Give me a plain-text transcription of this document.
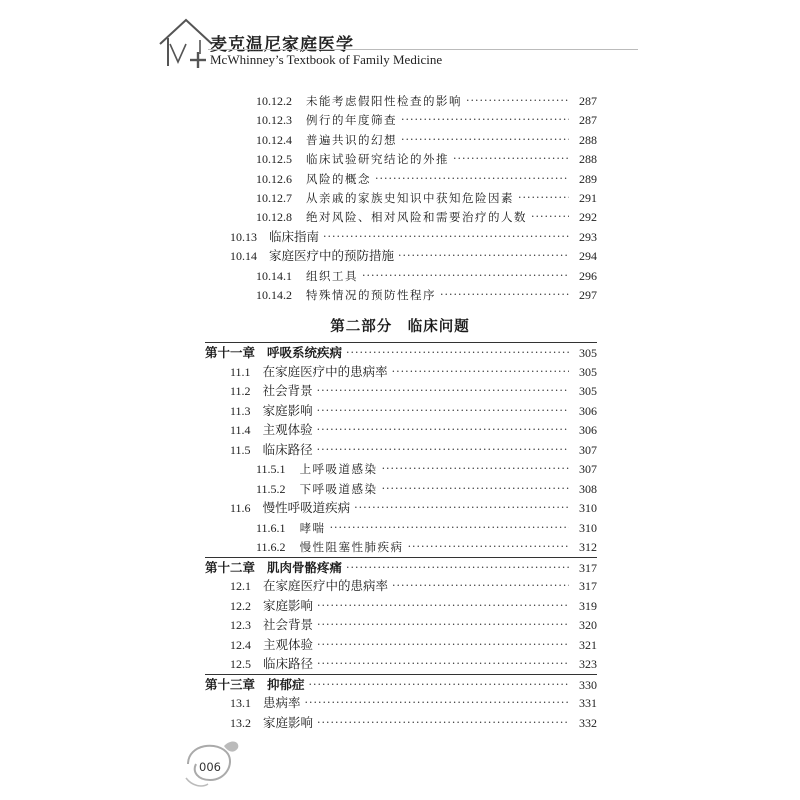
麦克温尼家庭医学
McWhinney’s Textbook of Family Medicine
10.12.2 未能考虑假阳性检查的影响 ·····	287
10.12.3 例行的年度筛查 ·····	287
10.12.4 普遍共识的幻想 ·····	288
10.12.5 临床试验研究结论的外推 ·····	288
10.12.6 风险的概念 ·····	289
10.12.7 从亲戚的家族史知识中获知危险因素 ·····	291
10.12.8 绝对风险、相对风险和需要治疗的人数 ·····	292
10.13 临床指南 ·····	293
10.14 家庭医疗中的预防措施 ·····	294
10.14.1 组织工具 ·····	296
10.14.2 特殊情况的预防性程序 ·····	297
第十一章 呼吸系统疾病 ·····	305
11.1 在家庭医疗中的患病率 ·····	305
11.2 社会背景 ·····	305
11.3 家庭影响 ·····	306
11.4 主观体验 ·····	306
11.5 临床路径 ·····	307
11.5.1 上呼吸道感染 ·····	307
11.5.2 下呼吸道感染 ·····	308
11.6 慢性呼吸道疾病 ·····	310
11.6.1 哮喘 ·····	310
11.6.2 慢性阻塞性肺疾病 ·····	312
第十二章 肌肉骨骼疼痛 ·····	317
12.1 在家庭医疗中的患病率 ·····	317
12.2 家庭影响 ·····	319
12.3 社会背景 ·····	320
12.4 主观体验 ·····	321
12.5 临床路径 ·····	323
第十三章 抑郁症 ·····	330
13.1 患病率 ·····	331
13.2 家庭影响 ·····	332
第二部分　临床问题
006
